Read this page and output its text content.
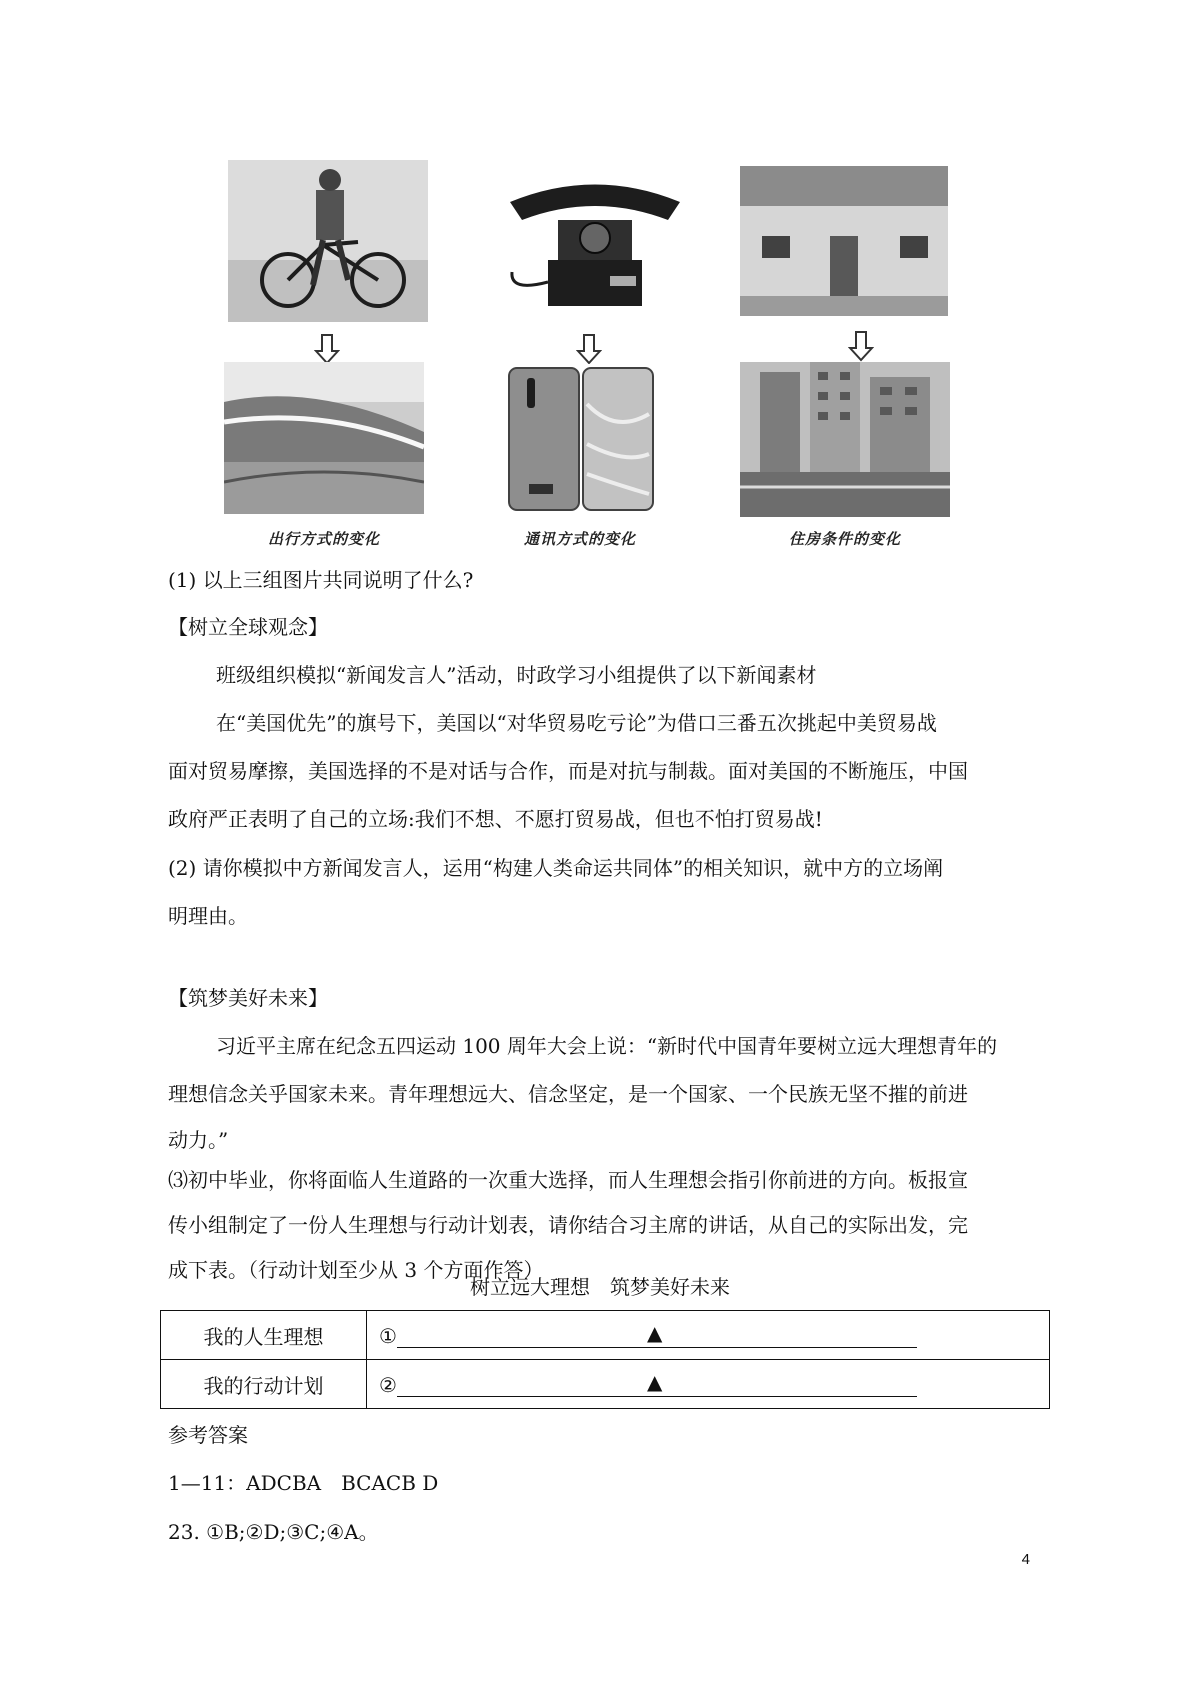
出行方式的变化	通讯方式的变化	住房条件的变化
(1) 以上三组图片共同说明了什么?
【树立全球观念】
班级组织模拟“新闻发言人”活动，时政学习小组提供了以下新闻素材
在“美国优先”的旗号下，美国以“对华贸易吃亏论”为借口三番五次挑起中美贸易战
面对贸易摩擦，美国选择的不是对话与合作，而是对抗与制裁。面对美国的不断施压，中国
政府严正表明了自己的立场:我们不想、不愿打贸易战，但也不怕打贸易战!
(2) 请你模拟中方新闻发言人，运用“构建人类命运共同体”的相关知识，就中方的立场阐
明理由。
【筑梦美好未来】
习近平主席在纪念五四运动 100 周年大会上说：“新时代中国青年要树立远大理想青年的
理想信念关乎国家未来。青年理想远大、信念坚定，是一个国家、一个民族无坚不摧的前进
动力。”
⑶初中毕业，你将面临人生道路的一次重大选择，而人生理想会指引你前进的方向。板报宣
传小组制定了一份人生理想与行动计划表，请你结合习主席的讲话，从自己的实际出发，完
成下表。（行动计划至少从 3 个方面作答）
树立远大理想　筑梦美好未来
我的人生理想	① ▲

我的行动计划	② ▲
参考答案
1—11：ADCBA　BCACB D
23. ①B;②D;③C;④A。
4
